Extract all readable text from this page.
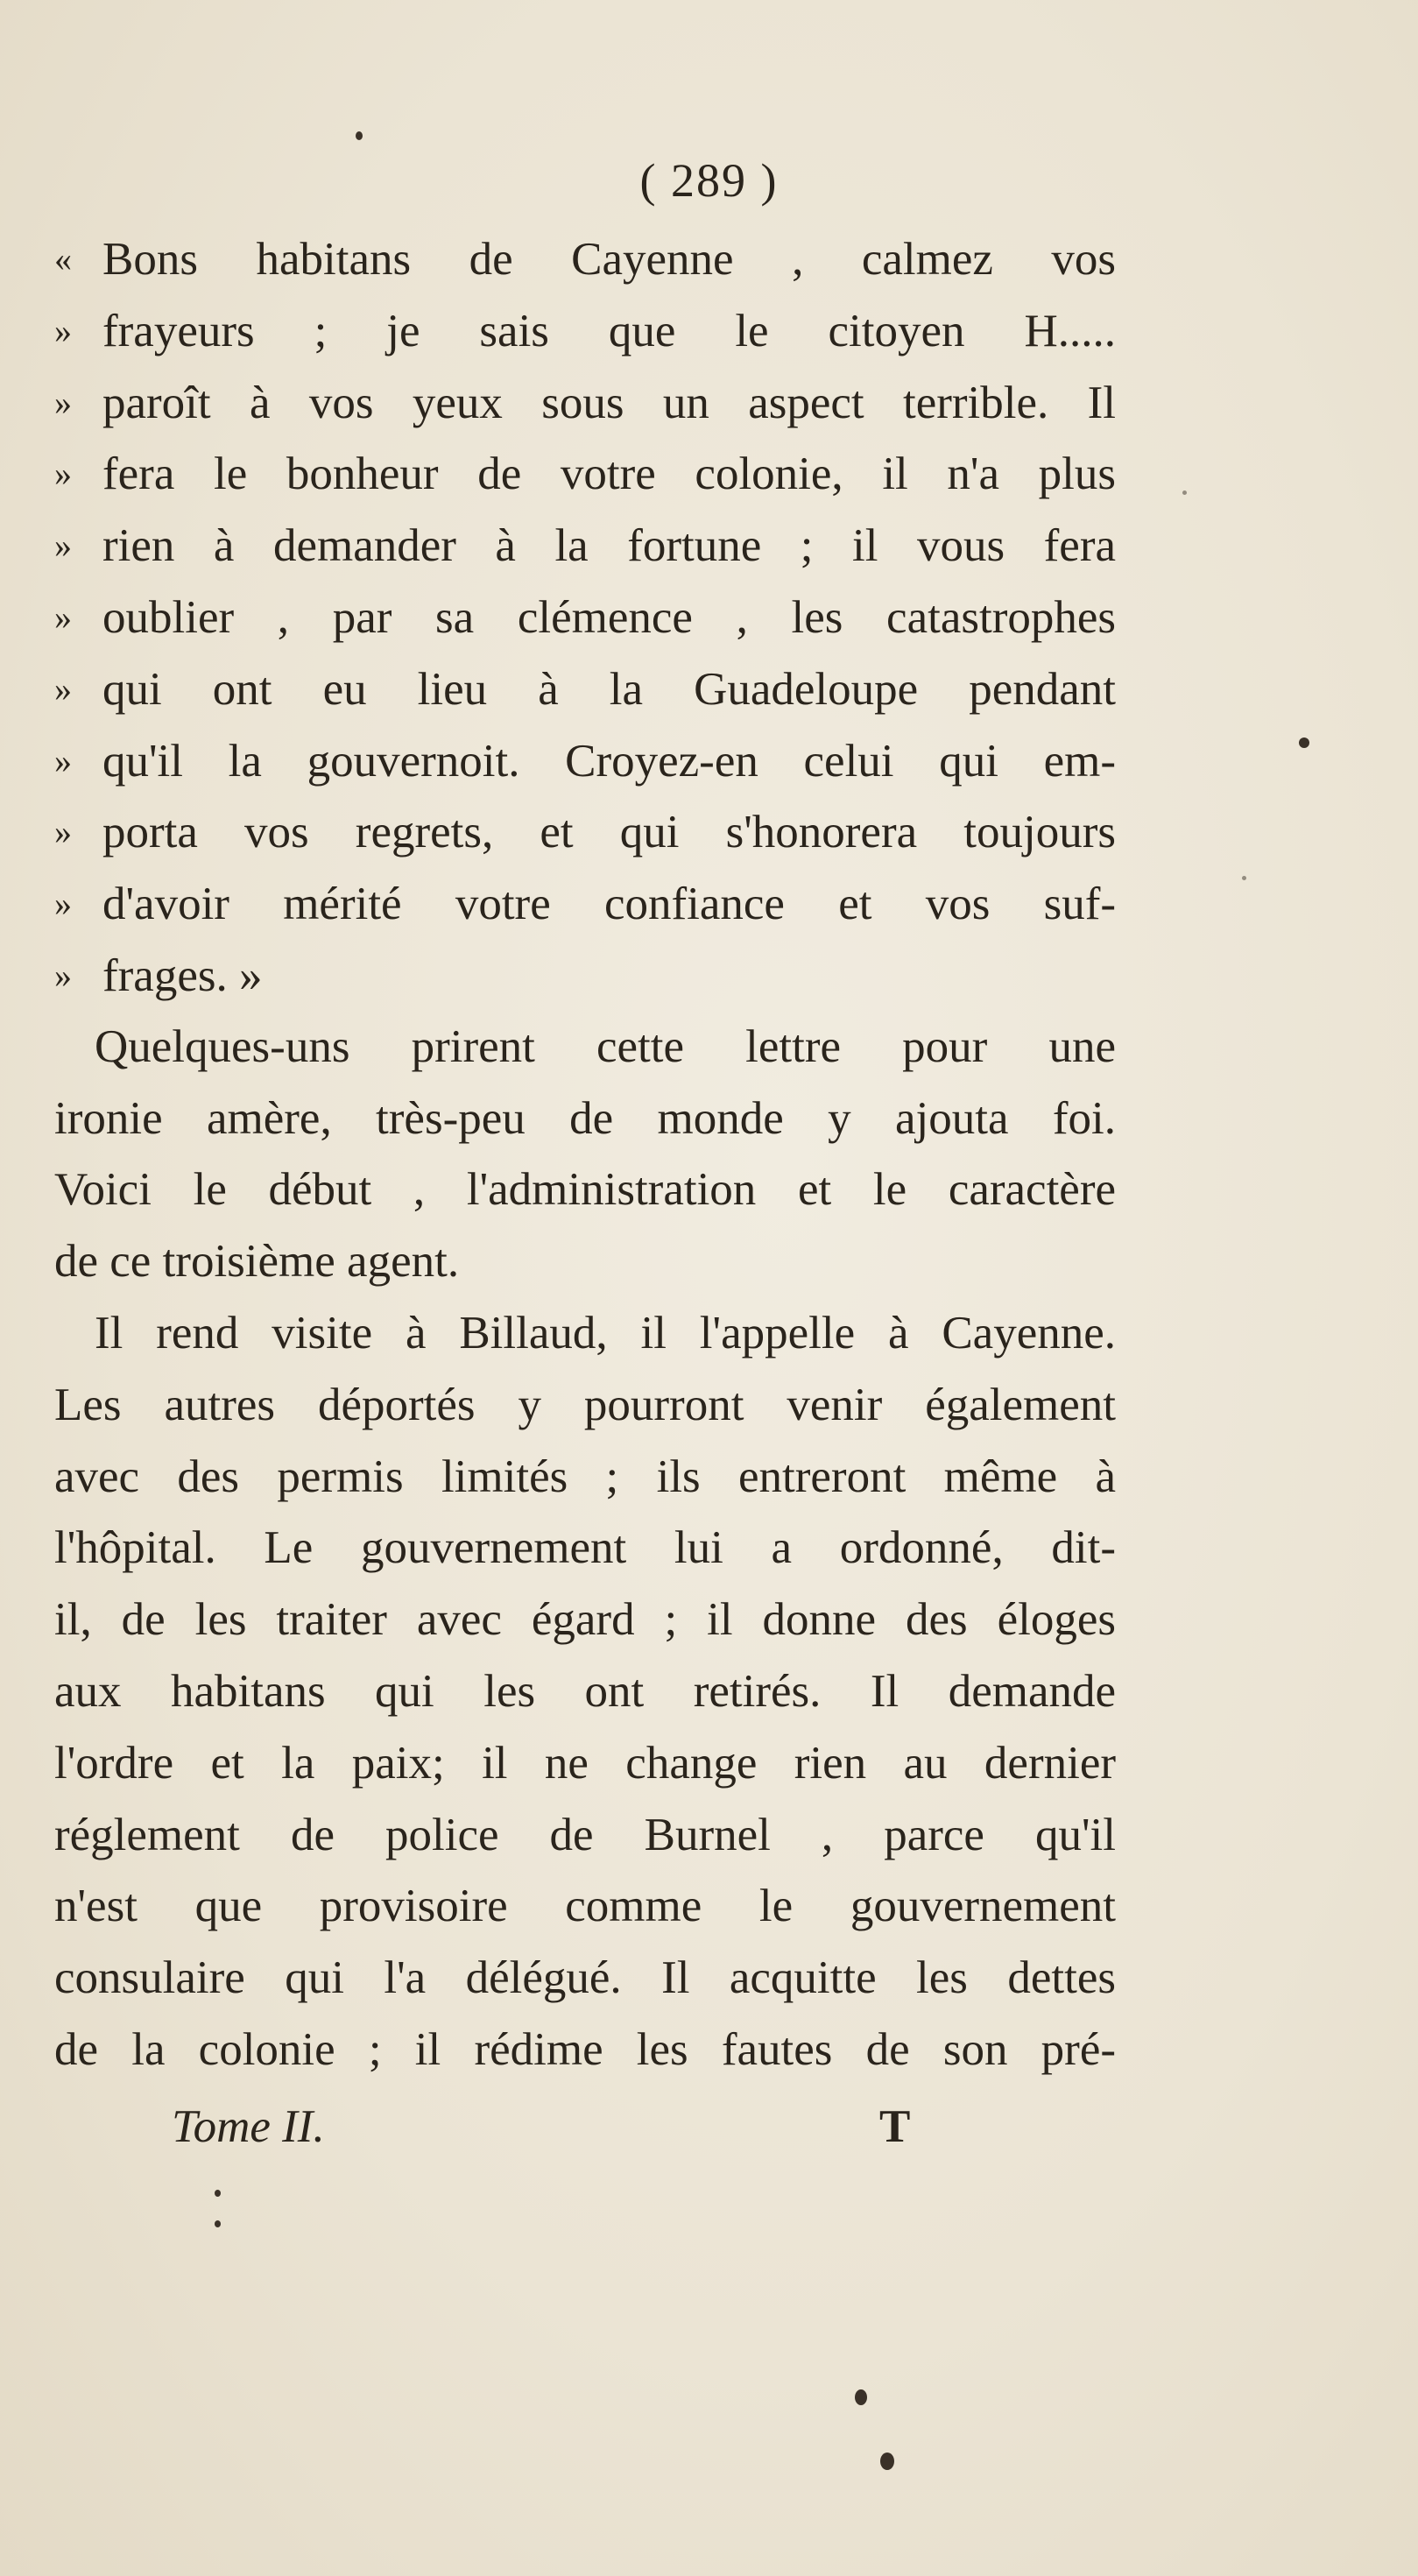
( 289 )
« Bons habitans de Cayenne , calmez vos
» frayeurs ; je sais que le citoyen H.....
» paroît à vos yeux sous un aspect terrible. Il
» fera le bonheur de votre colonie, il n'a plus
» rien à demander à la fortune ; il vous fera
» oublier , par sa clémence , les catastrophes
» qui ont eu lieu à la Guadeloupe pendant
» qu'il la gouvernoit. Croyez-en celui qui em-
» porta vos regrets, et qui s'honorera toujours
» d'avoir mérité votre confiance et vos suf-
» frages. »
Quelques-uns prirent cette lettre pour une
ironie amère, très-peu de monde y ajouta foi.
Voici le début , l'administration et le caractère
de ce troisième agent.
Il rend visite à Billaud, il l'appelle à Cayenne.
Les autres déportés y pourront venir également
avec des permis limités ; ils entreront même à
l'hôpital. Le gouvernement lui a ordonné, dit-
il, de les traiter avec égard ; il donne des éloges
aux habitans qui les ont retirés. Il demande
l'ordre et la paix; il ne change rien au dernier
réglement de police de Burnel , parce qu'il
n'est que provisoire comme le gouvernement
consulaire qui l'a délégué. Il acquitte les dettes
de la colonie ; il rédime les fautes de son pré-
Tome II.	T
